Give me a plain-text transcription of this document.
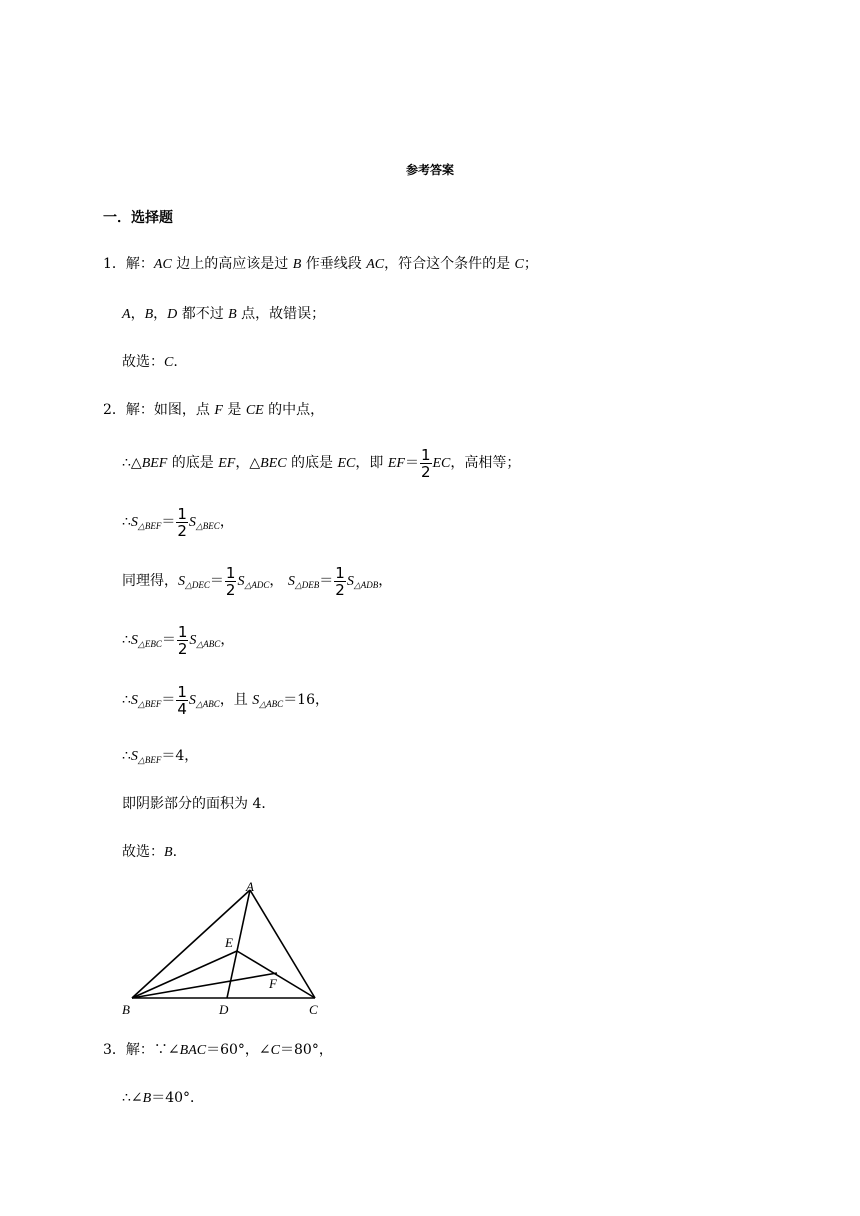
参考答案
一．选择题
1．解：AC 边上的高应该是过 B 作垂线段 AC，符合这个条件的是 C；
A，B，D 都不过 B 点，故错误；
故选：C.
2．解：如图，点 F 是 CE 的中点，
∴△BEF 的底是 EF，△BEC 的底是 EC，即 $EF= \frac{1}{2}$ EC，高相等；
$\therefore S_{\triangle BEF}= \frac{1}{2} S_{\triangle BEC}$，
同理得，$S_{\triangle DEC}= \frac{1}{2} S_{\triangle ADC}$， $S_{\triangle DEB}= \frac{1}{2} S_{\triangle ADB}$，
$\therefore S_{\triangle EBC}= \frac{1}{2} S_{\triangle ABC}$，
$\therefore S_{\triangle BEF}= \frac{1}{4} S_{\triangle ABC}$，且 $S_{\triangle ABC}=16$，
$\therefore S_{\triangle BEF}=4$，
即阴影部分的面积为 4．
故选：B.
A
B	C
D
E
F
3．解：∵∠BAC＝60°，∠C＝80°，
∴∠B＝40°．
